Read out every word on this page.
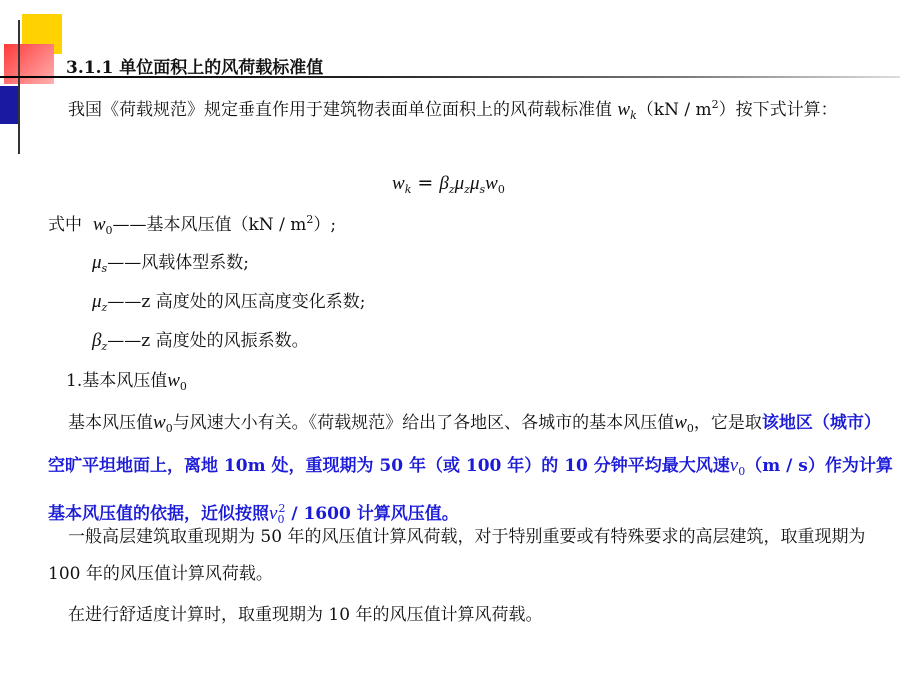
3.1.1 单位面积上的风荷载标准值

我国《荷载规范》规定垂直作用于建筑物表面单位面积上的风荷载标准值 $w_k(kN / m^2)$按下式计算：

$w_k = \beta_z\mu_z\mu_sw_0$
式中 $w_0——$基本风压值$(kN / m^2)$;
$\mu_s——$风载体型系数;
$\mu_z——z$ 高度处的风压高度变化系数;
$\beta_z——z$ 高度处的风振系数。
1.基本风压值$w_0$

基本风压值$w_0$与风速大小有关。《荷载规范》给出了各地区、各城市的基本风压值$w_0$，它是取该地区（城市）空旷平坦地面上，离地 10m 处，重现期为 50 年（或 100 年）的 10 分钟平均最大风速$v_0(m / s)$作为计算基本风压值的依据，近似按照$v_0^2 / 1600$ 计算风压值。

一般高层建筑取重现期为 50 年的风压值计算风荷载，对于特别重要或有特殊要求的高层建筑，取重现期为 100 年的风压值计算风荷载。

在进行舒适度计算时，取重现期为 10 年的风压值计算风荷载。
